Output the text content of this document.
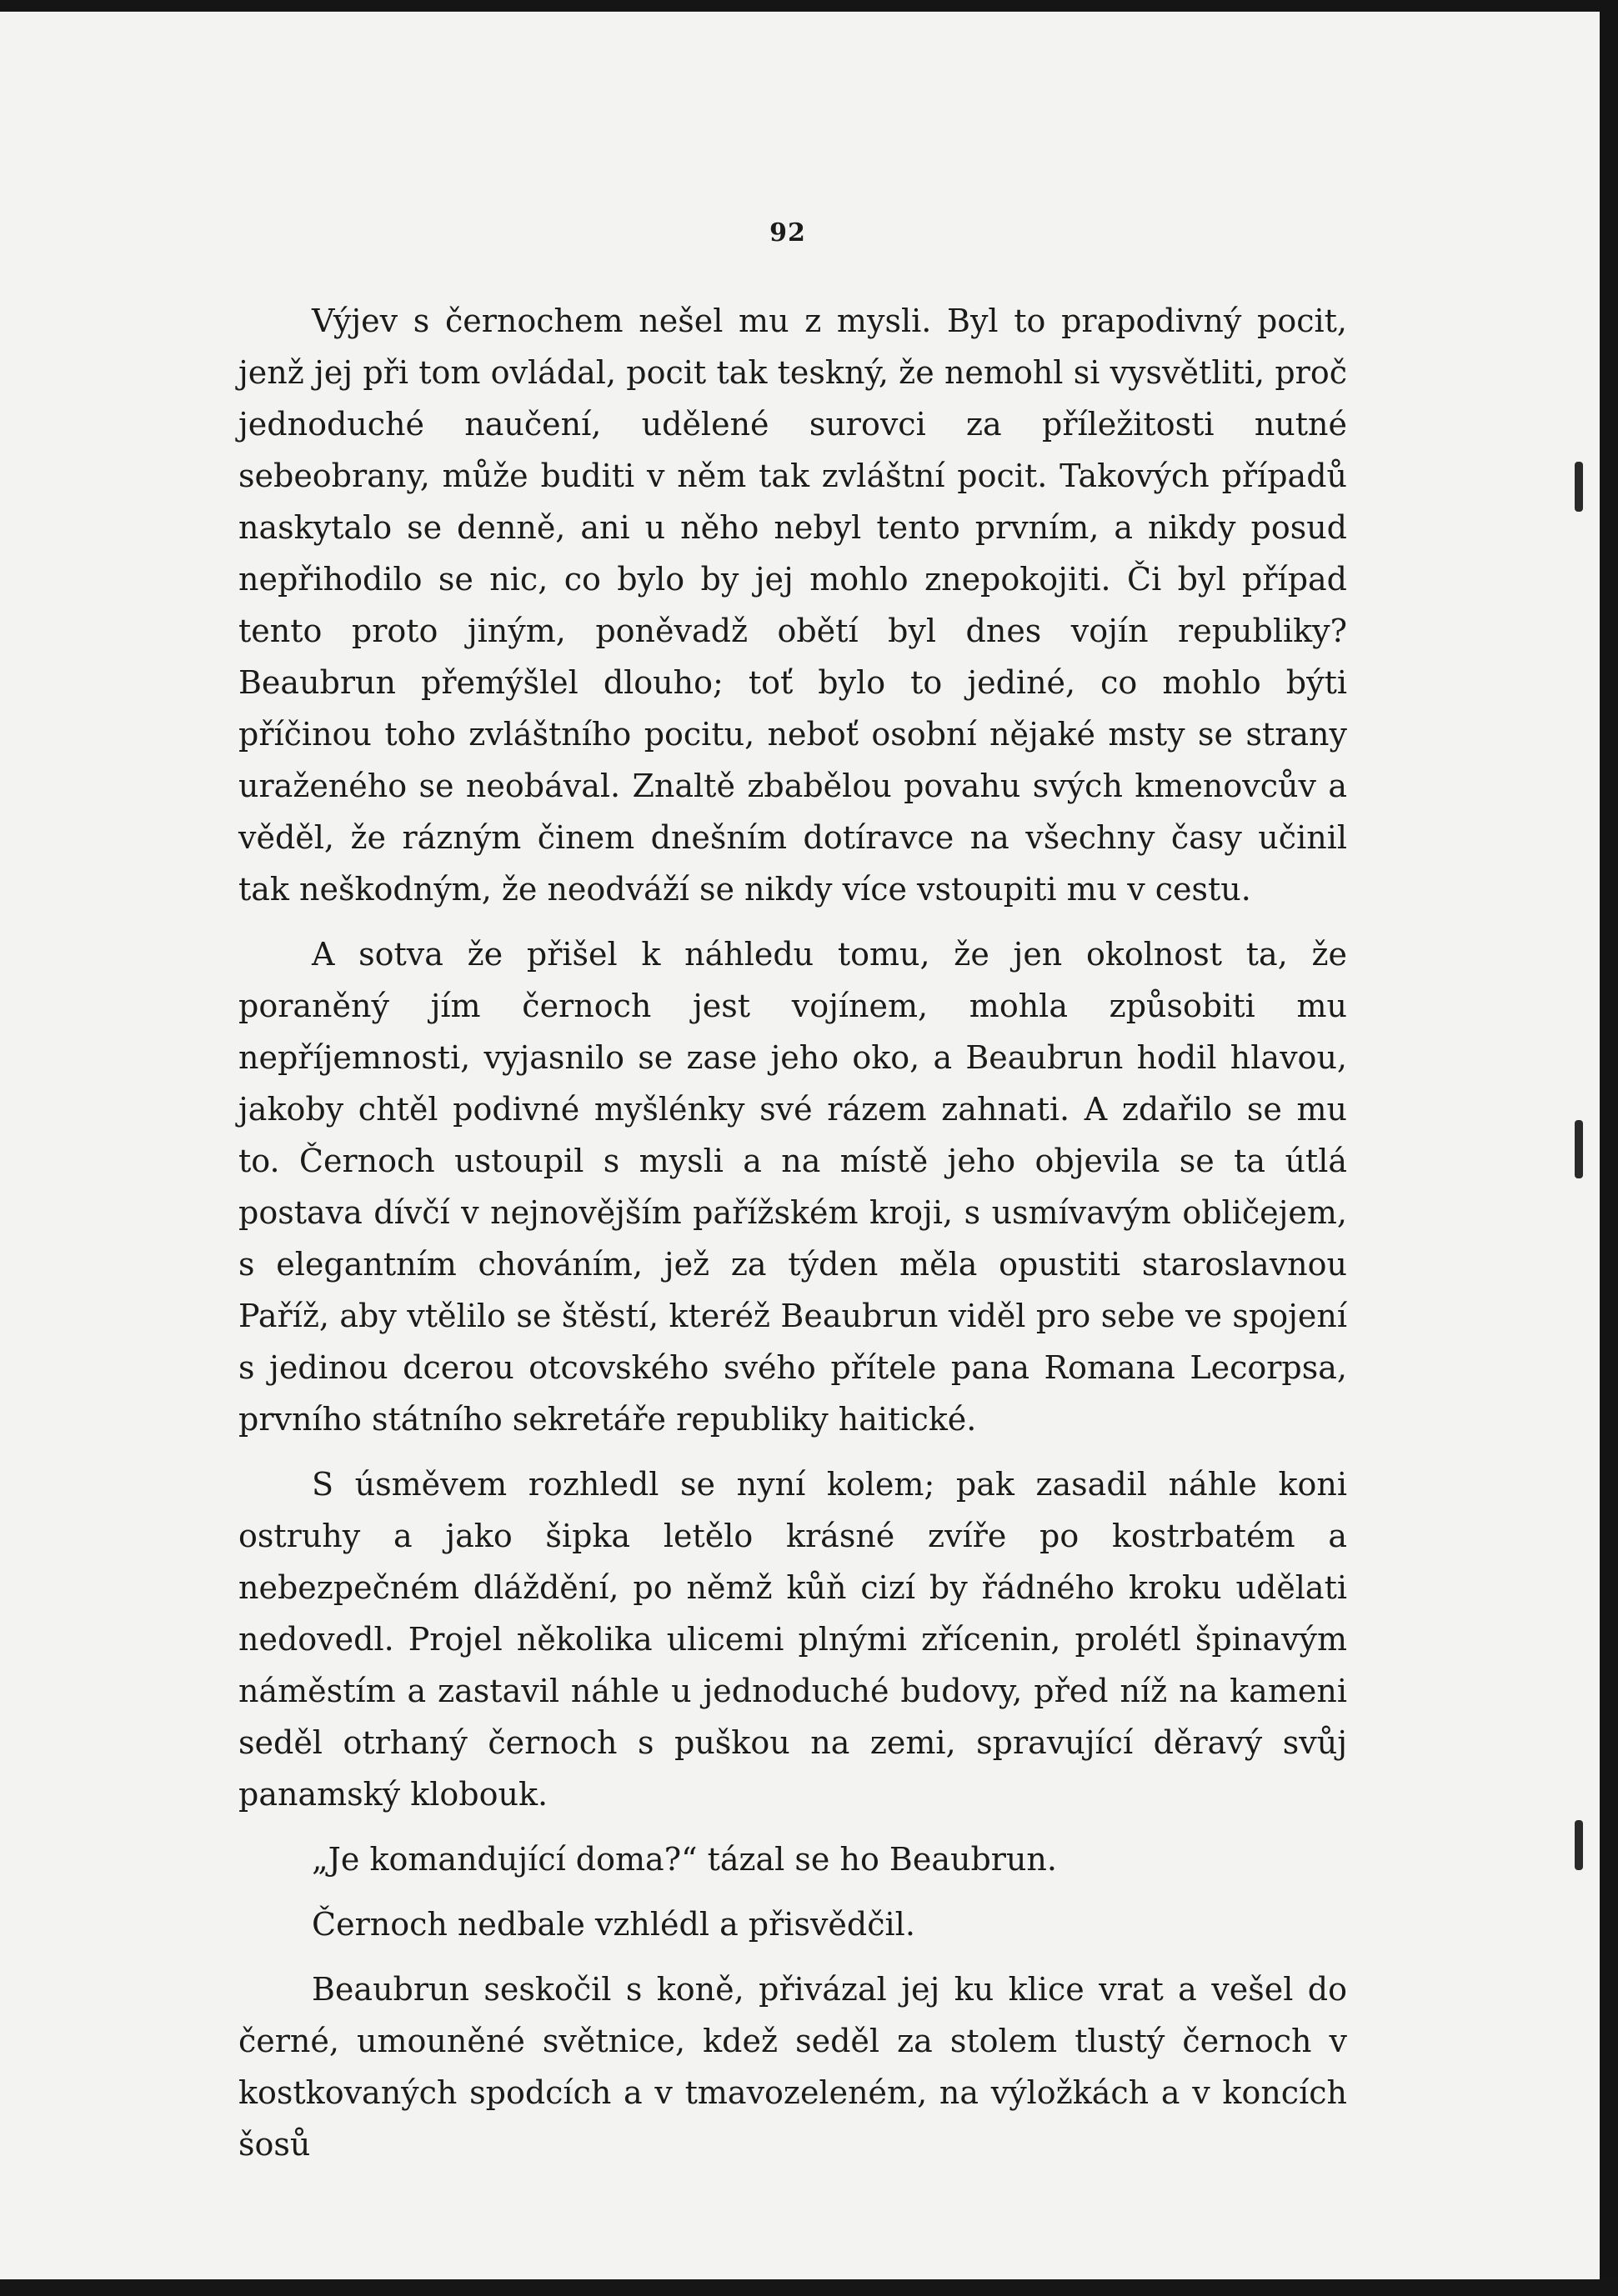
92

Výjev s černochem nešel mu z mysli. Byl to prapodivný pocit, jenž jej při tom ovládal, pocit tak teskný, že nemohl si vysvětliti, proč jednoduché naučení, udělené surovci za příležitosti nutné sebeobrany, může buditi v něm tak zvláštní pocit. Takových případů naskytalo se denně, ani u něho nebyl tento prvním, a nikdy posud nepřihodilo se nic, co bylo by jej mohlo znepokojiti. Či byl případ tento proto jiným, poněvadž obětí byl dnes vojín republiky? Beaubrun přemýšlel dlouho; toť bylo to jediné, co mohlo býti příčinou toho zvláštního pocitu, neboť osobní nějaké msty se strany uraženého se neobával. Znaltě zbabělou povahu svých kmenovcův a věděl, že rázným činem dnešním dotíravce na všechny časy učinil tak neškodným, že neodváží se nikdy více vstoupiti mu v cestu.

A sotva že přišel k náhledu tomu, že jen okolnost ta, že poraněný jím černoch jest vojínem, mohla způsobiti mu nepříjemnosti, vyjasnilo se zase jeho oko, a Beaubrun hodil hlavou, jakoby chtěl podivné myšlénky své rázem zahnati. A zdařilo se mu to. Černoch ustoupil s mysli a na místě jeho objevila se ta útlá postava dívčí v nejnovějším pařížském kroji, s usmívavým obličejem, s elegantním chováním, jež za týden měla opustiti staroslavnou Paříž, aby vtělilo se štěstí, kteréž Beaubrun viděl pro sebe ve spojení s jedinou dcerou otcovského svého přítele pana Romana Lecorpsa, prvního státního sekretáře republiky haitické.

S úsměvem rozhledl se nyní kolem; pak zasadil náhle koni ostruhy a jako šipka letělo krásné zvíře po kostrbatém a nebezpečném dláždění, po němž kůň cizí by řádného kroku udělati nedovedl. Projel několika ulicemi plnými zřícenin, prolétl špinavým náměstím a zastavil náhle u jednoduché budovy, před níž na kameni seděl otrhaný černoch s puškou na zemi, spravující děravý svůj panamský klobouk.

„Je komandující doma?“ tázal se ho Beaubrun.

Černoch nedbale vzhlédl a přisvědčil.

Beaubrun seskočil s koně, přivázal jej ku klice vrat a vešel do černé, umouněné světnice, kdež seděl za stolem tlustý černoch v kostkovaných spodcích a v tmavozeleném, na výložkách a v koncích šosů
